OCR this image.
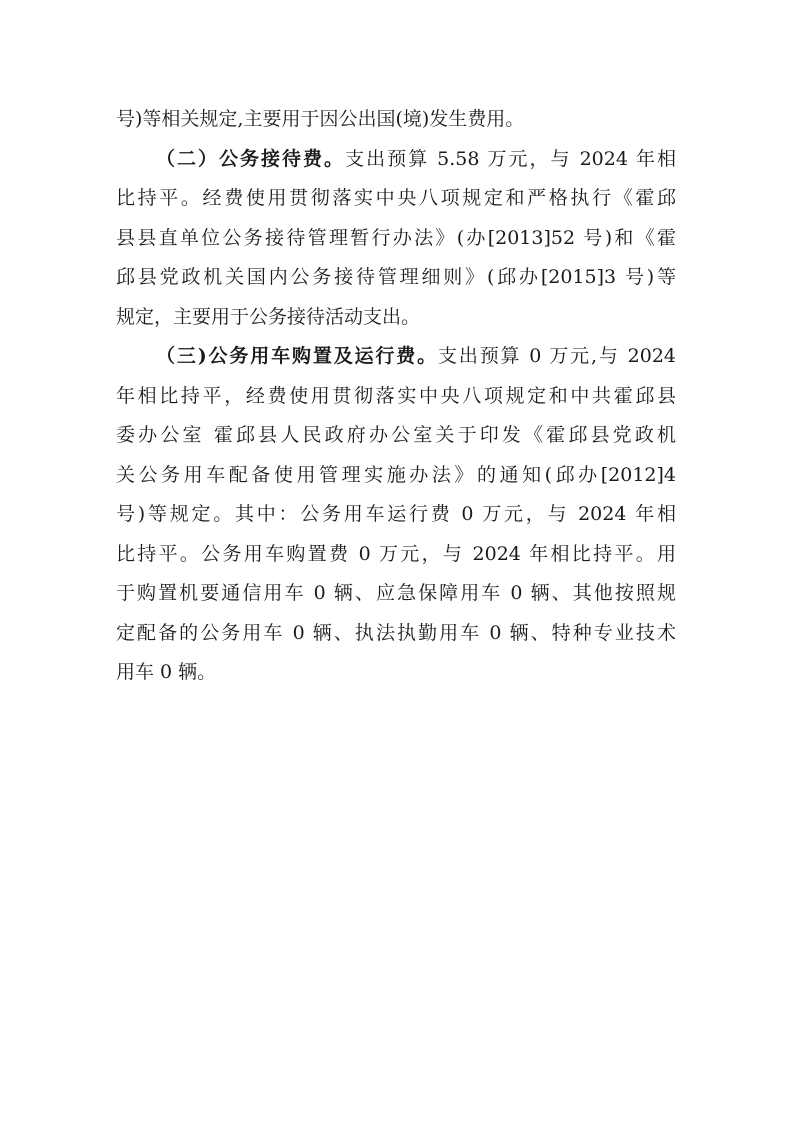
号)等相关规定,主要用于因公出国(境)发生费用。
（二）公务接待费。支出预算 5.58 万元，与 2024 年相
比持平。经费使用贯彻落实中央八项规定和严格执行《霍邱
县县直单位公务接待管理暂行办法》(办[2013]52 号)和《霍
邱县党政机关国内公务接待管理细则》(邱办[2015]3 号)等
规定，主要用于公务接待活动支出。
（三)公务用车购置及运行费。支出预算 0 万元,与 2024
年相比持平，经费使用贯彻落实中央八项规定和中共霍邱县
委办公室 霍邱县人民政府办公室关于印发《霍邱县党政机
关公务用车配备使用管理实施办法》的通知(邱办[2012]4
号)等规定。其中：公务用车运行费 0 万元，与 2024 年相
比持平。公务用车购置费 0 万元，与 2024 年相比持平。用
于购置机要通信用车 0 辆、应急保障用车 0 辆、其他按照规
定配备的公务用车 0 辆、执法执勤用车 0 辆、特种专业技术
用车 0 辆。
